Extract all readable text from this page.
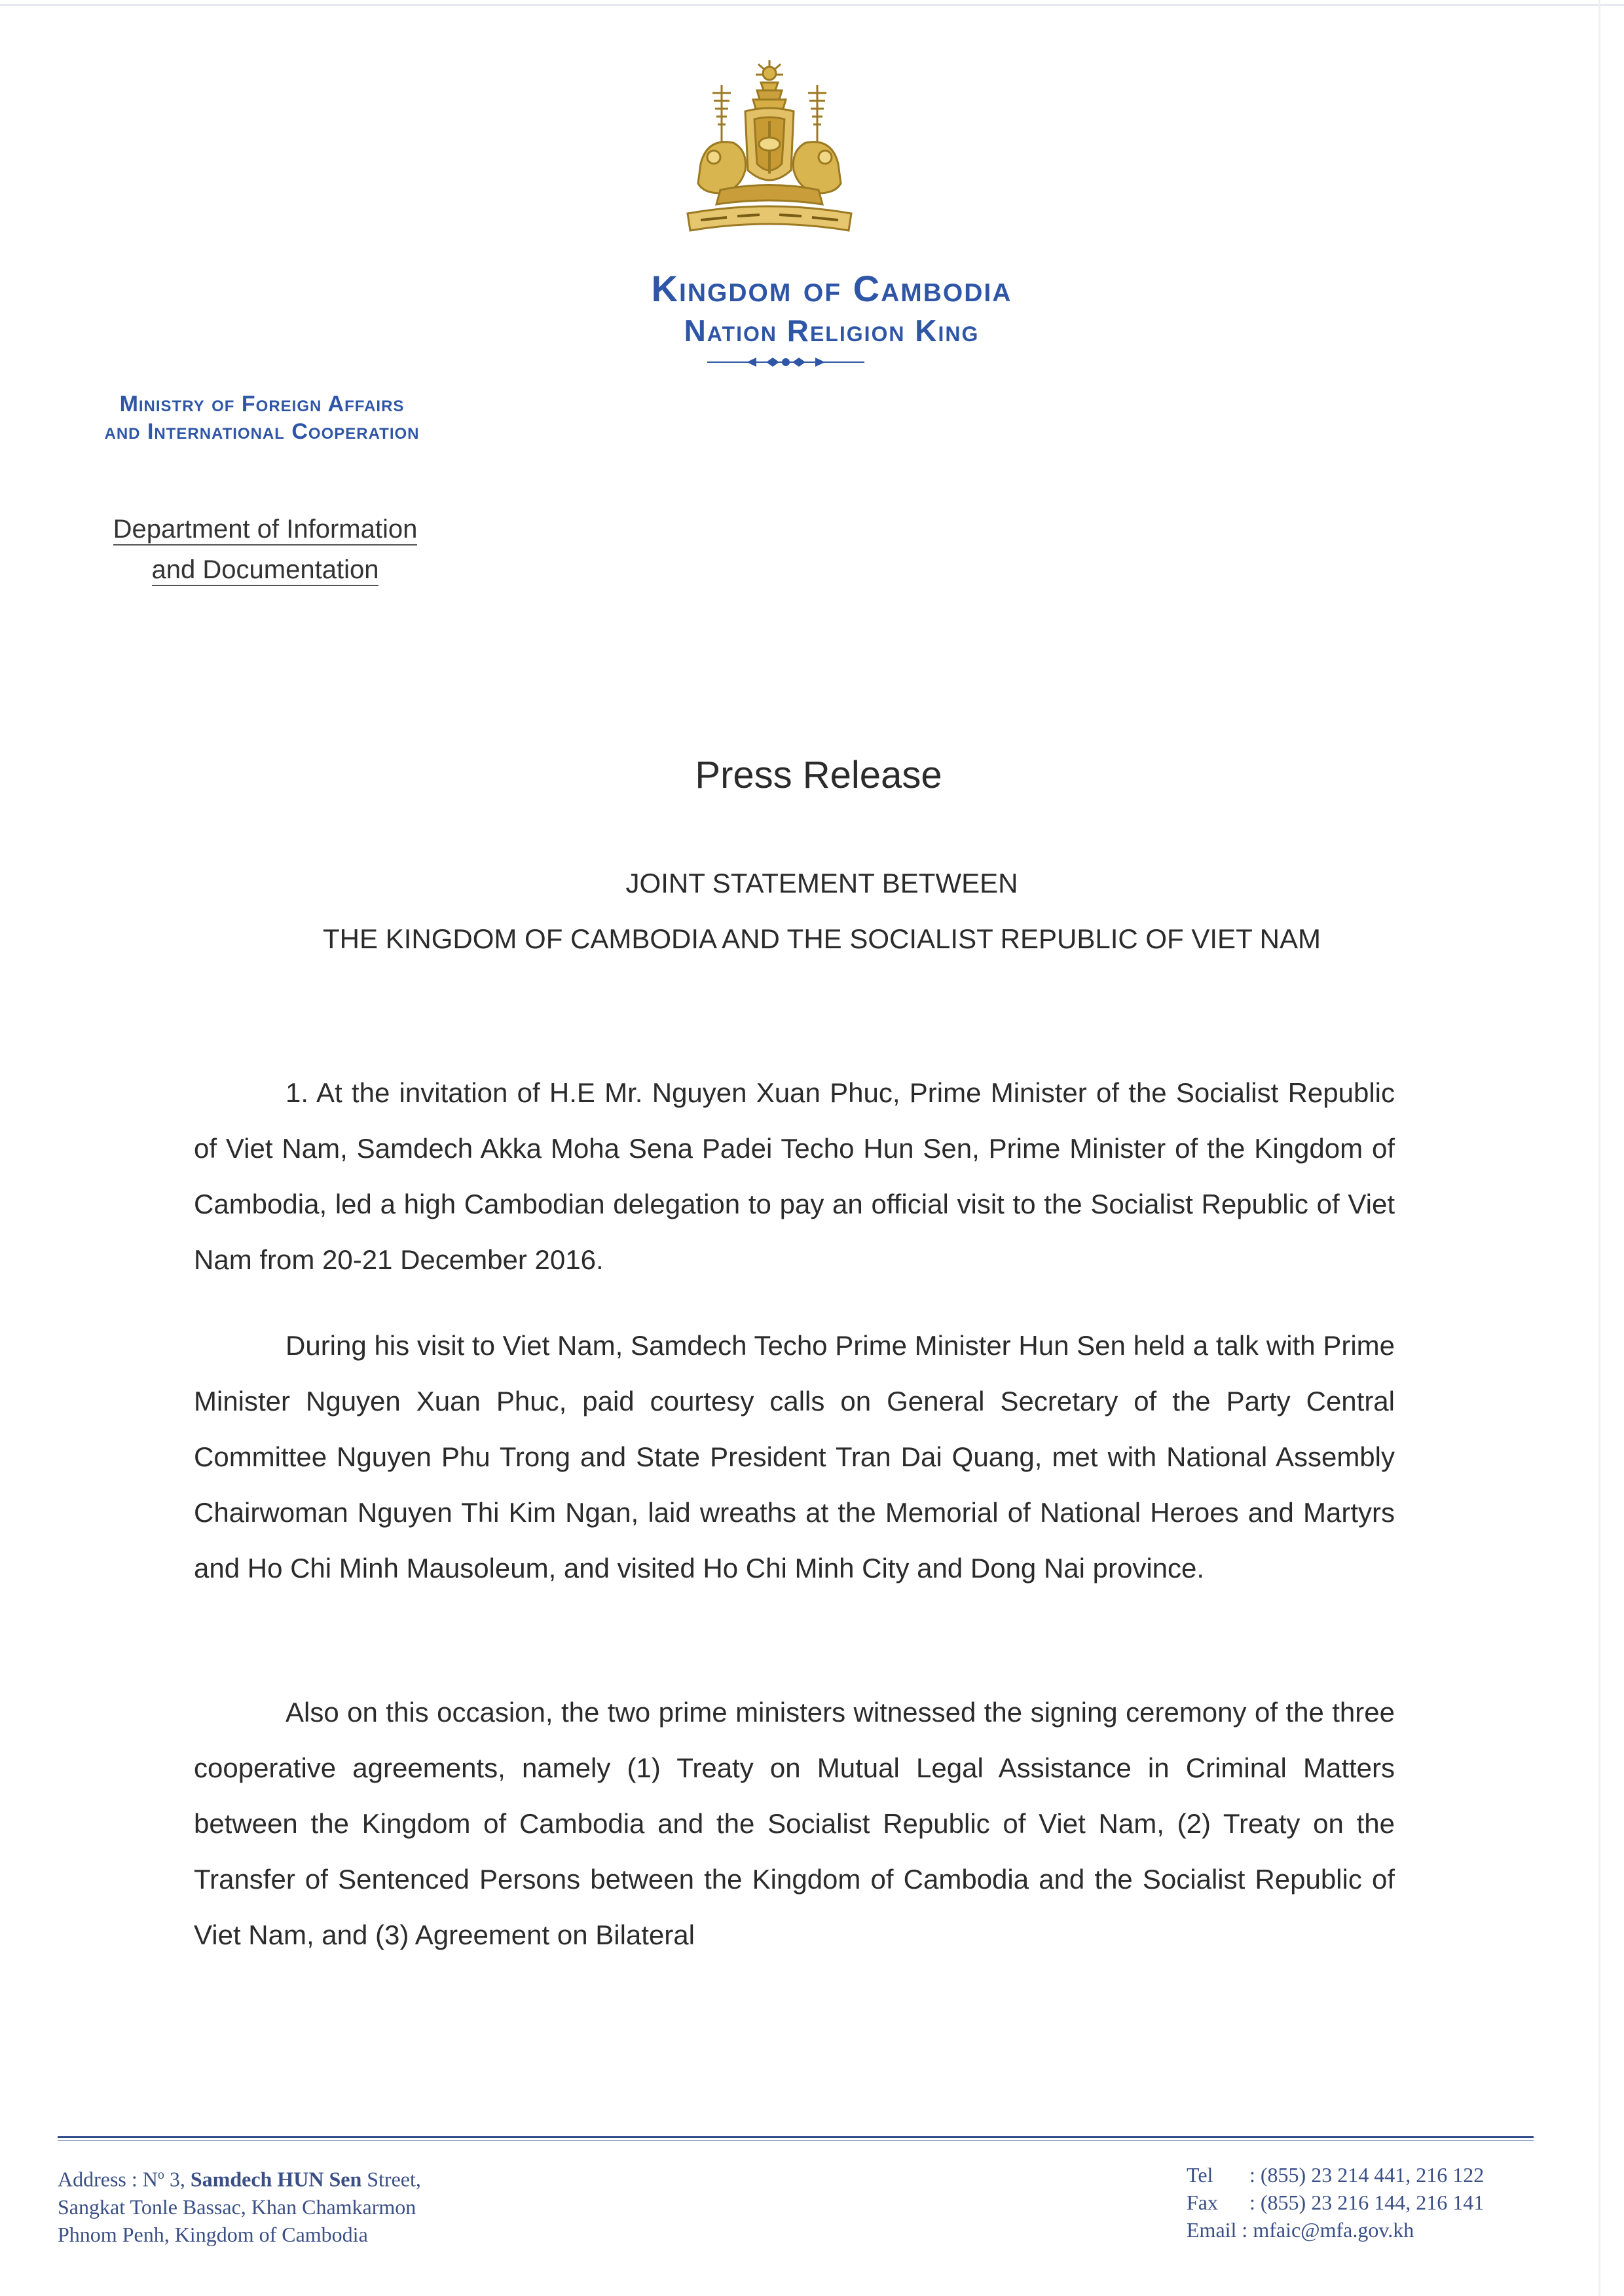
Kingdom of Cambodia
Nation Religion King
Ministry of Foreign Affairs
and International Cooperation
Department of Information
and Documentation
Press Release
JOINT STATEMENT BETWEEN
THE KINGDOM OF CAMBODIA AND THE SOCIALIST REPUBLIC OF VIET NAM

1. At the invitation of H.E Mr. Nguyen Xuan Phuc, Prime Minister of the Socialist Republic of Viet Nam, Samdech Akka Moha Sena Padei Techo Hun Sen, Prime Minister of the Kingdom of Cambodia, led a high Cambodian delegation to pay an official visit to the Socialist Republic of Viet Nam from 20-21 December 2016.

During his visit to Viet Nam, Samdech Techo Prime Minister Hun Sen held a talk with Prime Minister Nguyen Xuan Phuc, paid courtesy calls on General Secretary of the Party Central Committee Nguyen Phu Trong and State President Tran Dai Quang, met with National Assembly Chairwoman Nguyen Thi Kim Ngan, laid wreaths at the Memorial of National Heroes and Martyrs and Ho Chi Minh Mausoleum, and visited Ho Chi Minh City and Dong Nai province.

Also on this occasion, the two prime ministers witnessed the signing ceremony of the three cooperative agreements, namely (1) Treaty on Mutual Legal Assistance in Criminal Matters between the Kingdom of Cambodia and the Socialist Republic of Viet Nam, (2) Treaty on the Transfer of Sentenced Persons between the Kingdom of Cambodia and the Socialist Republic of Viet Nam, and (3) Agreement on Bilateral

Address : $N^o$ 3, Samdech HUN Sen Street,
Sangkat Tonle Bassac, Khan Chamkarmon
Phnom Penh, Kingdom of Cambodia
Tel : (855) 23 214 441, 216 122
Fax : (855) 23 216 144, 216 141
Email : mfaic@mfa.gov.kh
